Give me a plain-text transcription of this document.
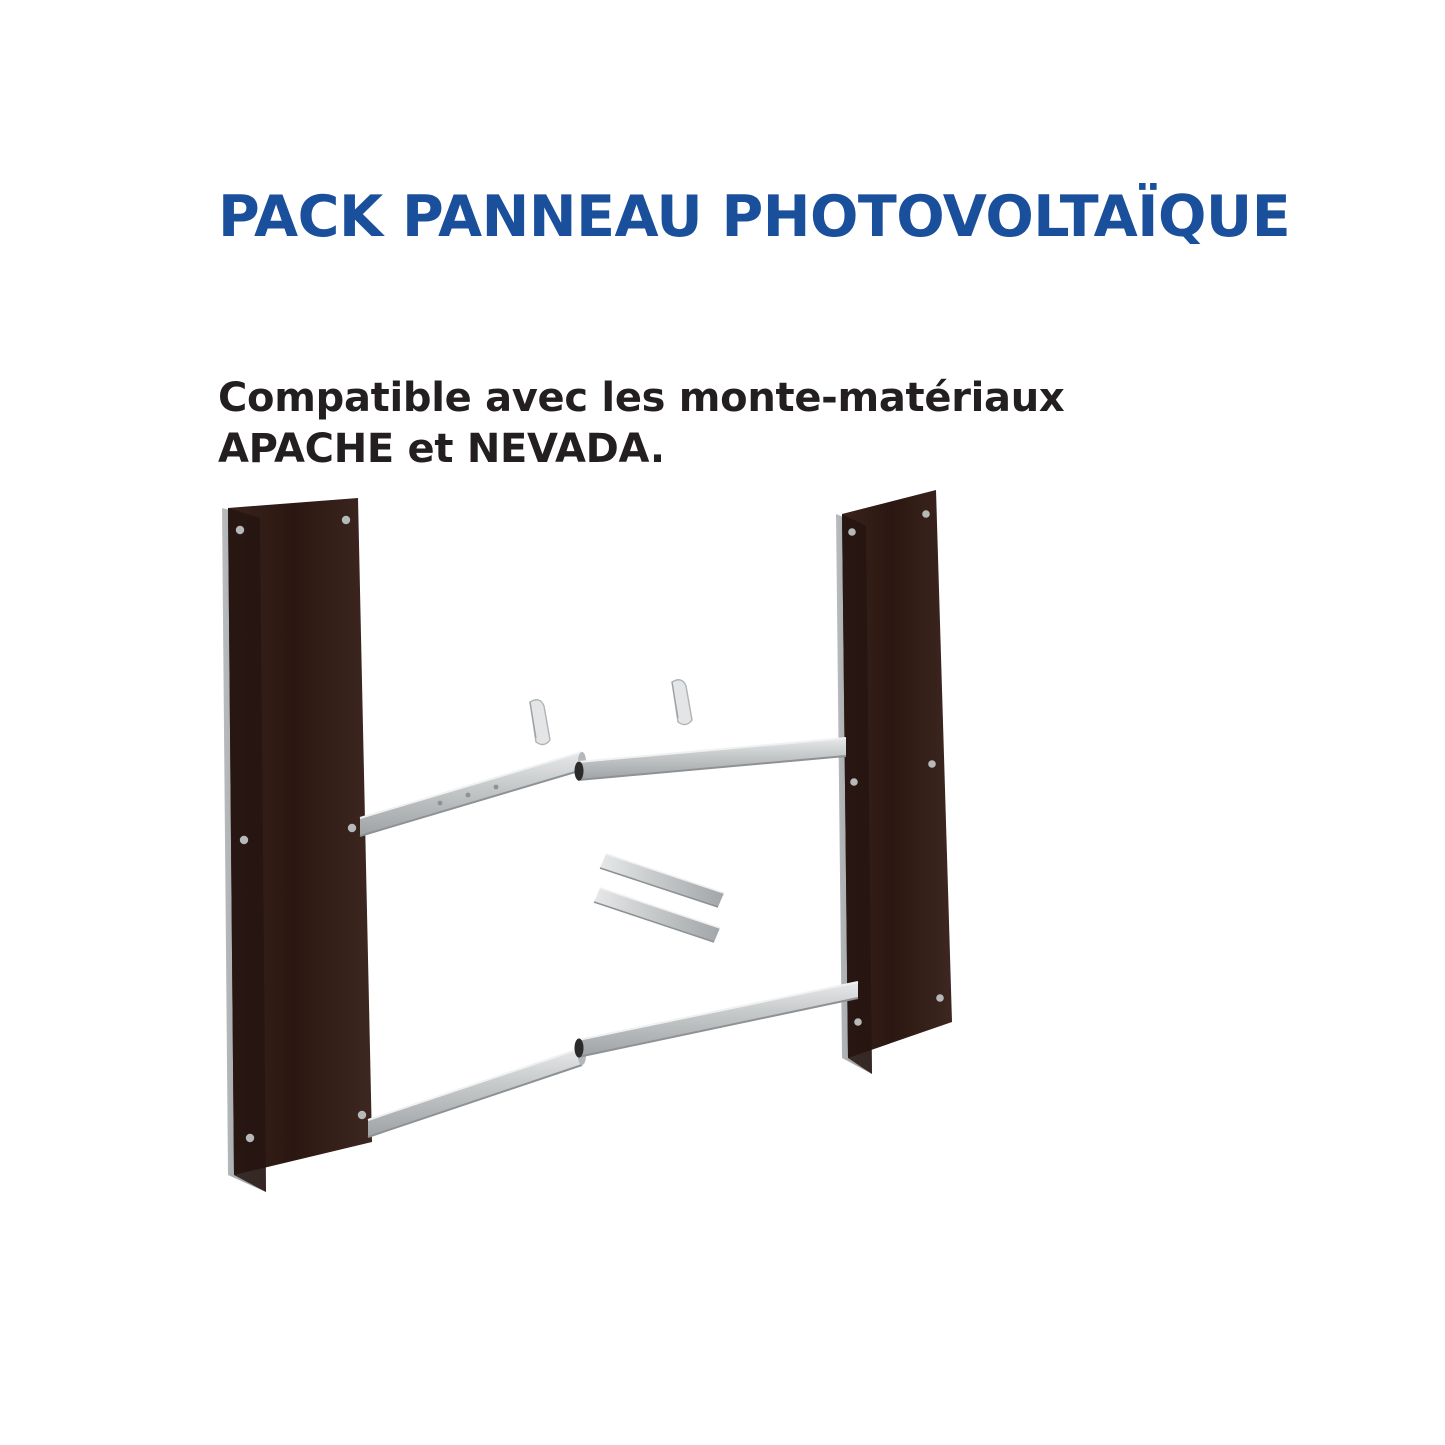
PACK PANNEAU PHOTOVOLTAÏQUE

Compatible avec les monte-matériaux APACHE et NEVADA.
